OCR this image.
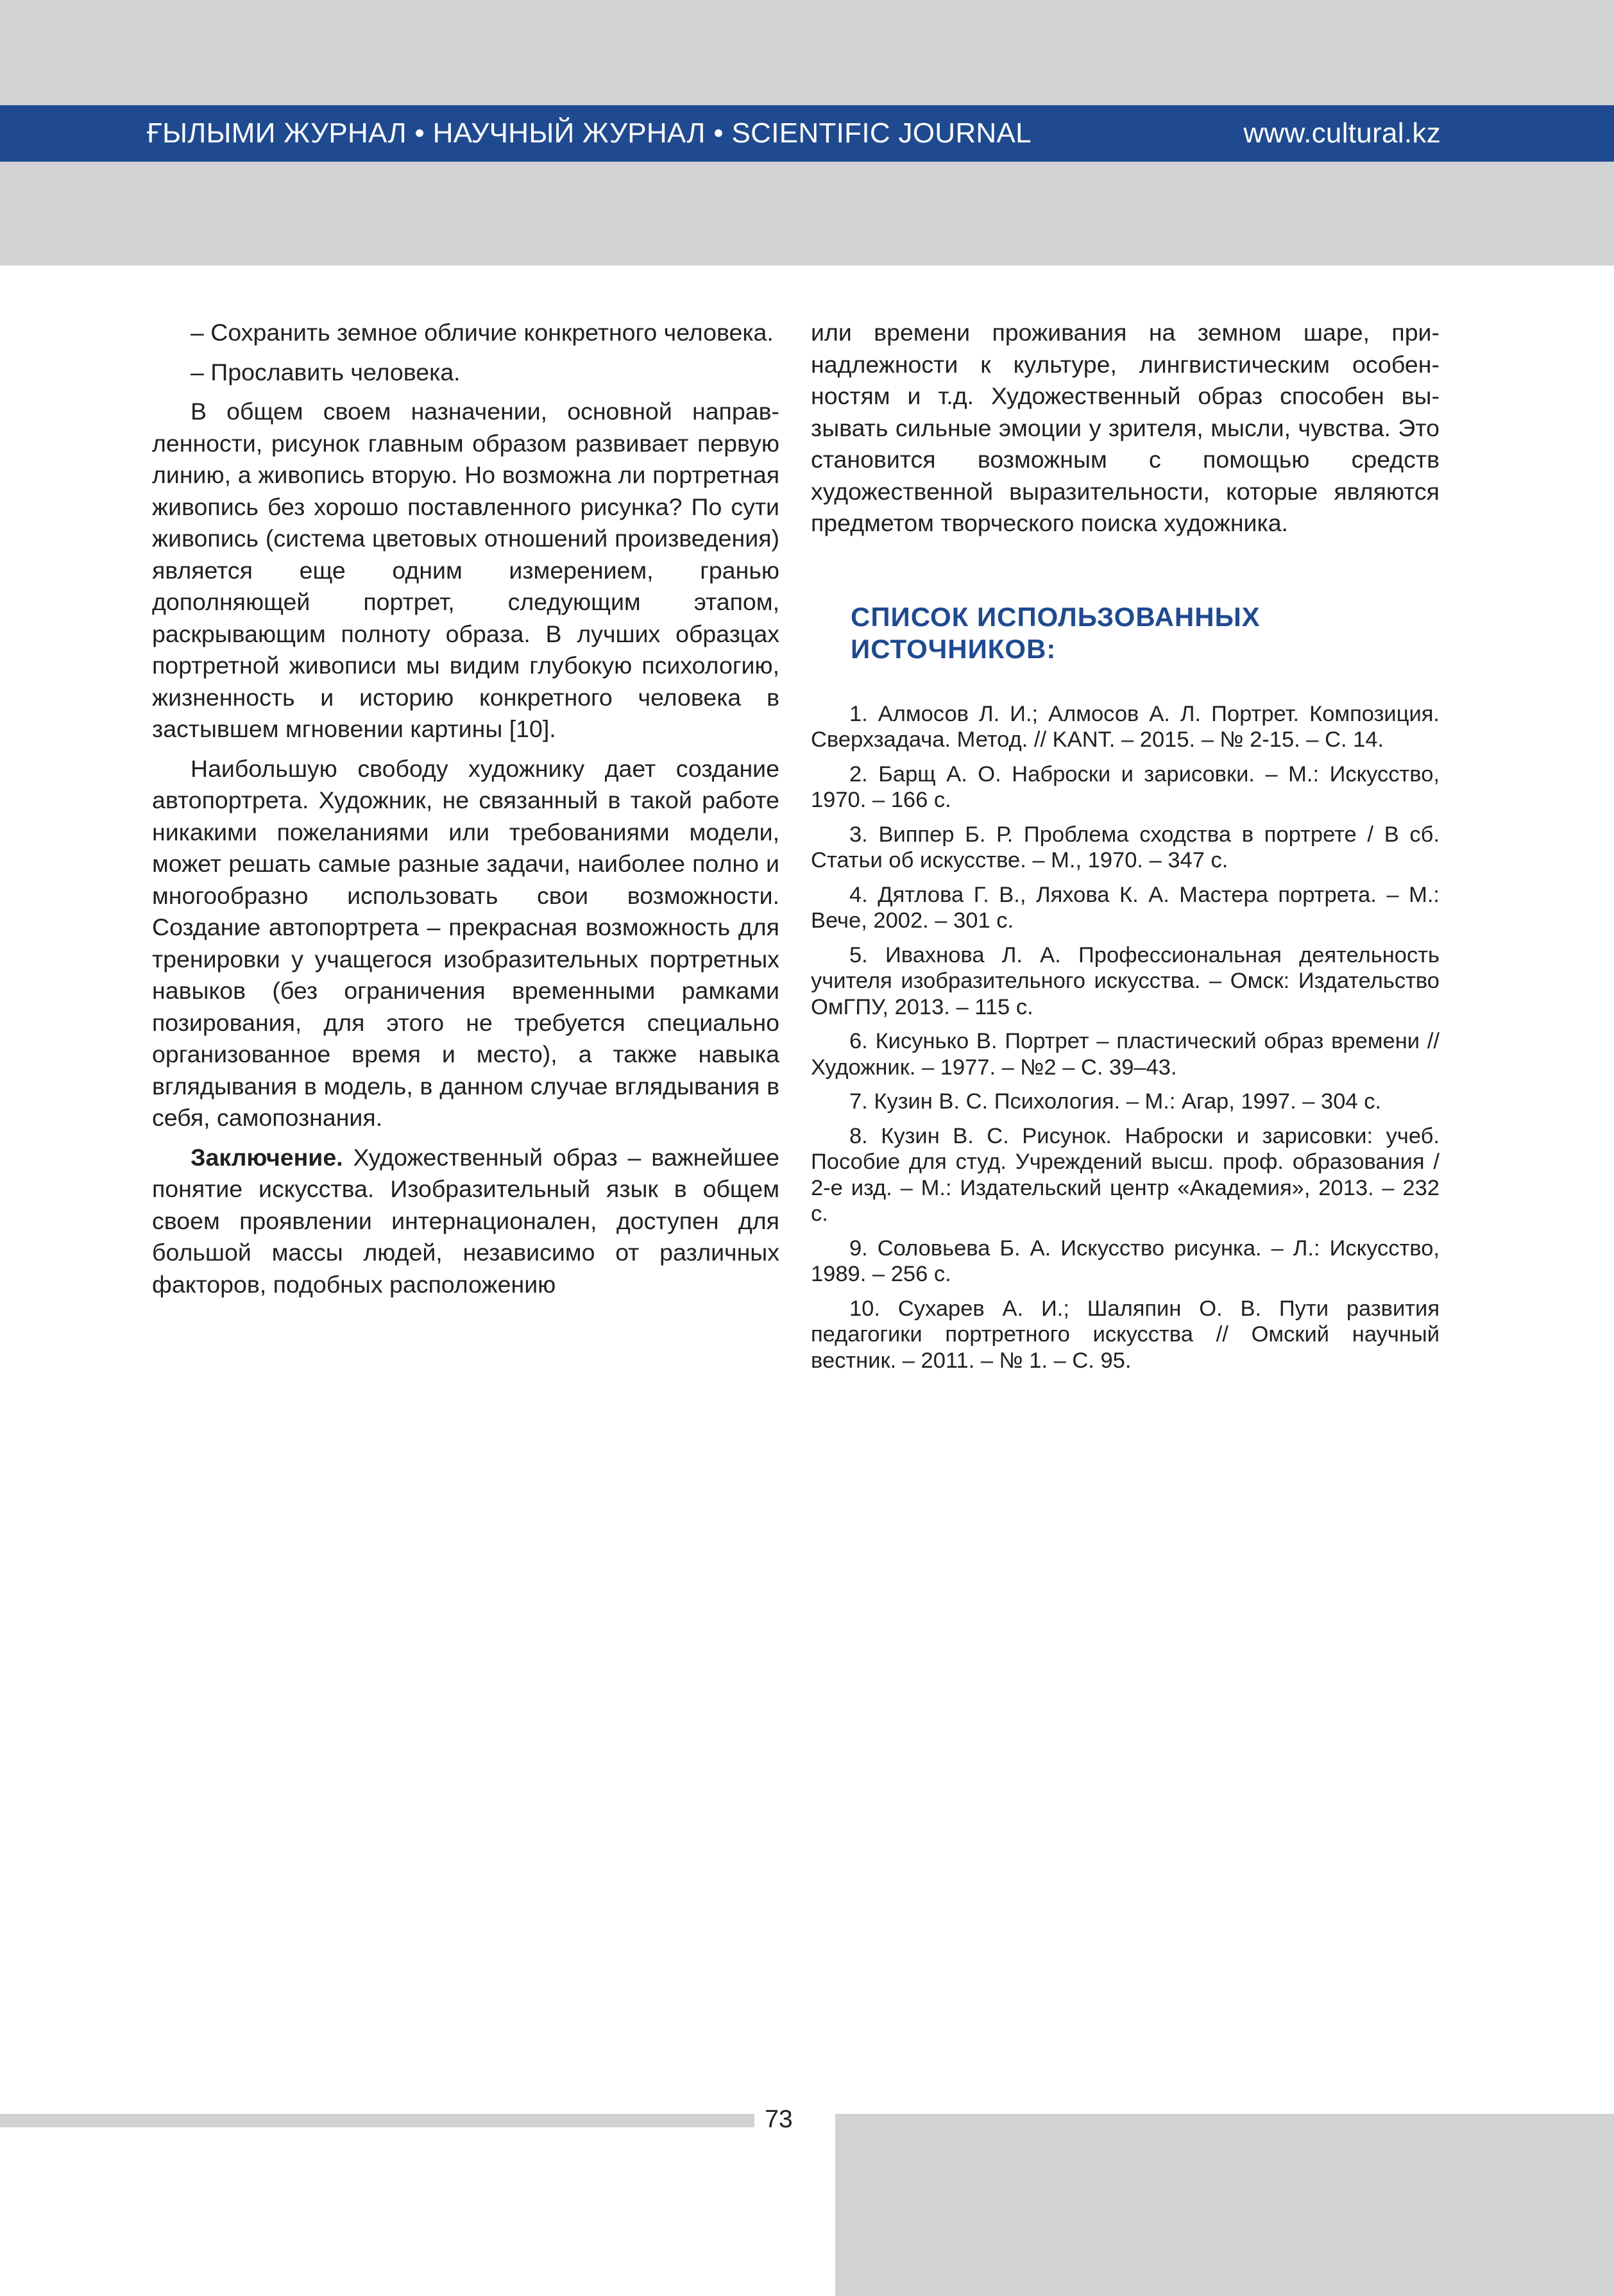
ҒЫЛЫМИ ЖУРНАЛ • НАУЧНЫЙ ЖУРНАЛ • SCIENTIFIC JOURNAL	www.cultural.kz

– Сохранить земное обличие конкретного человека.

– Прославить человека.

В общем своем назначении, основной направленности, рисунок главным образом развивает первую линию, а живопись вторую. Но возможна ли портретная живопись без хорошо поставленного рисунка? По сути живопись (система цветовых отношений произведения) является еще одним измерением, гранью дополняющей портрет, следующим этапом, раскрывающим полноту образа. В лучших образцах портретной живописи мы видим глубокую психологию, жизненность и историю конкретного человека в застывшем мгновении картины [10].

Наибольшую свободу художнику дает создание автопортрета. Художник, не связанный в такой работе никакими пожеланиями или требованиями модели, может решать самые разные задачи, наиболее полно и многообразно использовать свои возможности. Создание автопортрета – прекрасная возможность для тренировки у учащегося изобразительных портретных навыков (без ограничения временными рамками позирования, для этого не требуется специально организованное время и место), а также навыка вглядывания в модель, в данном случае вглядывания в себя, самопознания.

Заключение. Художественный образ – важнейшее понятие искусства. Изобразительный язык в общем своем проявлении интернационален, доступен для большой массы людей, независимо от различных факторов, подобных расположению

или времени проживания на земном шаре, принадлежности к культуре, лингвистическим особенностям и т.д. Художественный образ способен вызывать сильные эмоции у зрителя, мысли, чувства. Это становится возможным с помощью средств художественной выразительности, которые являются предметом творческого поиска художника.

СПИСОК ИСПОЛЬЗОВАННЫХ
ИСТОЧНИКОВ:
1. Алмосов Л. И.; Алмосов А. Л. Портрет. Композиция. Сверхзадача. Метод. // KANT. – 2015. – № 2-15. – С. 14.
2. Барщ А. О. Наброски и зарисовки. – М.: Искусство, 1970. – 166 с.
3. Виппер Б. Р. Проблема сходства в портрете / В сб. Статьи об искусстве. – М., 1970. – 347 с.
4. Дятлова Г. В., Ляхова К. А. Мастера портрета. – М.: Вече, 2002. – 301 с.
5. Ивахнова Л. А. Профессиональная деятельность учителя изобразительного искусства. – Омск: Издательство ОмГПУ, 2013. – 115 с.
6. Кисунько В. Портрет – пластический образ времени // Художник. – 1977. – №2 – С. 39–43.
7. Кузин В. С. Психология. – М.: Агар, 1997. – 304 с.
8. Кузин В. С. Рисунок. Наброски и зарисовки: учеб. Пособие для студ. Учреждений высш. проф. образования / 2-е изд. – М.: Издательский центр «Академия», 2013. – 232 с.
9. Соловьева Б. А. Искусство рисунка. – Л.: Искусство, 1989. – 256 с.
10. Сухарев А. И.; Шаляпин О. В. Пути развития педагогики портретного искусства // Омский научный вестник. – 2011. – № 1. – С. 95.
73
